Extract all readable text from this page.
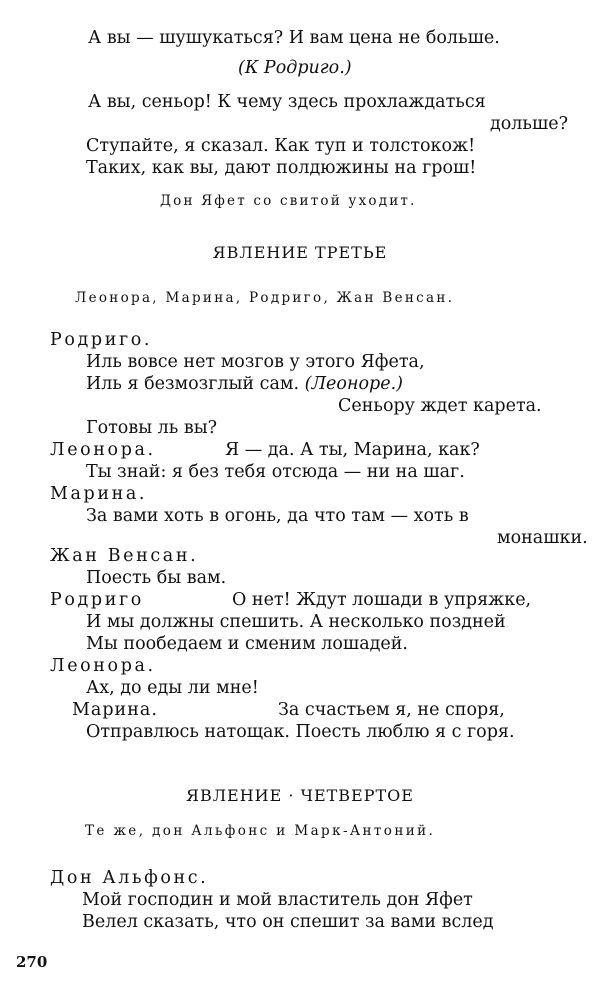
А вы — шушукаться? И вам цена не больше.
(К Родриго.)
А вы, сеньор! К чему здесь прохлаждаться
дольше?
Ступайте, я сказал. Как туп и толстокож!
Таких, как вы, дают полдюжины на грош!
Дон Яфет со свитой уходит.
ЯВЛЕНИЕ ТРЕТЬЕ
Леонора, Марина, Родриго, Жан Венсан.
Родриго.
Иль вовсе нет мозгов у этого Яфета,
Иль я безмозглый сам. (Леоноре.)
Сеньору ждет карета.
Готовы ль вы?
Леонора.	Я — да. А ты, Марина, как?
Ты знай: я без тебя отсюда — ни на шаг.
Марина.
За вами хоть в огонь, да что там — хоть в
монашки.
Жан Венсан.
Поесть бы вам.
Родриго	О нет! Ждут лошади в упряжке,
И мы должны спешить. А несколько поздней
Мы пообедаем и сменим лошадей.
Леонора.
Ах, до еды ли мне!
Марина.	За счастьем я, не споря,
Отправлюсь натощак. Поесть люблю я с горя.
ЯВЛЕНИЕ · ЧЕТВЕРТОЕ
Те же, дон Альфонс и Марк-Антоний.
Дон Альфонс.
Мой господин и мой властитель дон Яфет
Велел сказать, что он спешит за вами вслед
270
